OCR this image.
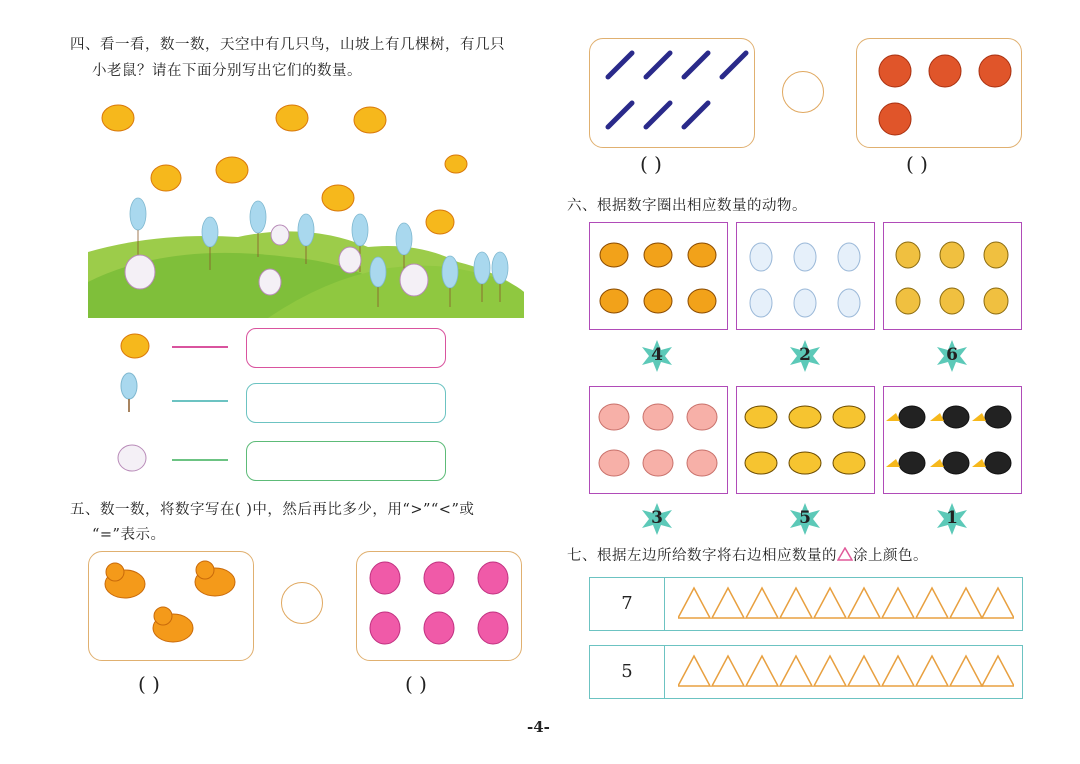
四、看一看，数一数，天空中有几只鸟，山坡上有几棵树，有几只
小老鼠？请在下面分别写出它们的数量。
五、数一数，将数字写在( )中，然后再比多少，用“>”“<”或
“=”表示。
( )	( )
( )	( )
六、根据数字圈出相应数量的动物。
4	2	6
3	5	1
七、根据左边所给数字将右边相应数量的 涂上颜色。
7
5
-4-
